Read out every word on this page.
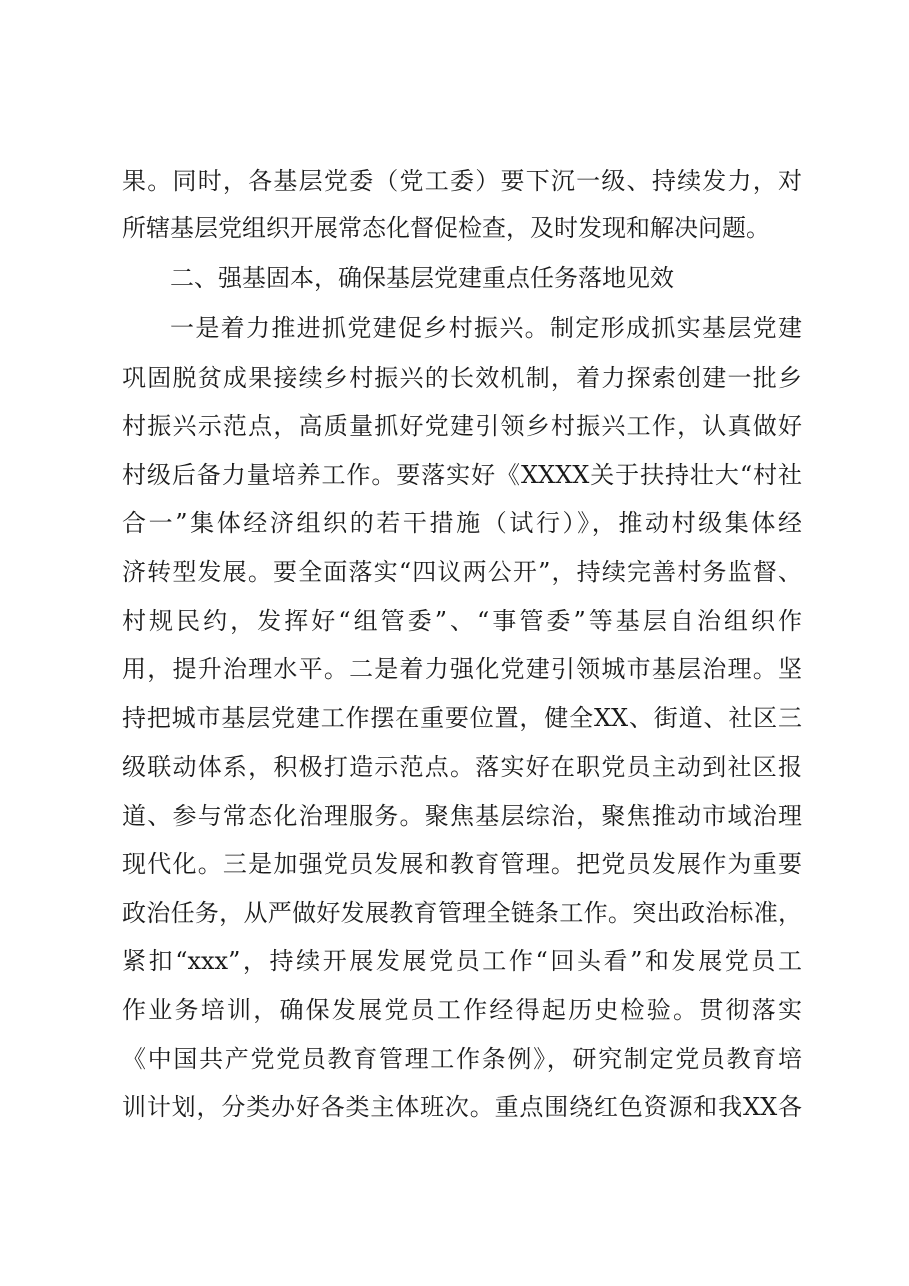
果。同时，各基层党委（党工委）要下沉一级、持续发力，对
所辖基层党组织开展常态化督促检查，及时发现和解决问题。
二、强基固本，确保基层党建重点任务落地见效
一是着力推进抓党建促乡村振兴。制定形成抓实基层党建
巩固脱贫成果接续乡村振兴的长效机制，着力探索创建一批乡
村振兴示范点，高质量抓好党建引领乡村振兴工作，认真做好
村级后备力量培养工作。要落实好《XXXX关于扶持壮大“村社
合一”集体经济组织的若干措施（试行）》，推动村级集体经
济转型发展。要全面落实“四议两公开”，持续完善村务监督、
村规民约，发挥好“组管委”、“事管委”等基层自治组织作
用，提升治理水平。二是着力强化党建引领城市基层治理。坚
持把城市基层党建工作摆在重要位置，健全XX、街道、社区三
级联动体系，积极打造示范点。落实好在职党员主动到社区报
道、参与常态化治理服务。聚焦基层综治，聚焦推动市域治理
现代化。三是加强党员发展和教育管理。把党员发展作为重要
政治任务，从严做好发展教育管理全链条工作。突出政治标准，
紧扣“xxx”，持续开展发展党员工作“回头看”和发展党员工
作业务培训，确保发展党员工作经得起历史检验。贯彻落实
《中国共产党党员教育管理工作条例》，研究制定党员教育培
训计划，分类办好各类主体班次。重点围绕红色资源和我XX各
